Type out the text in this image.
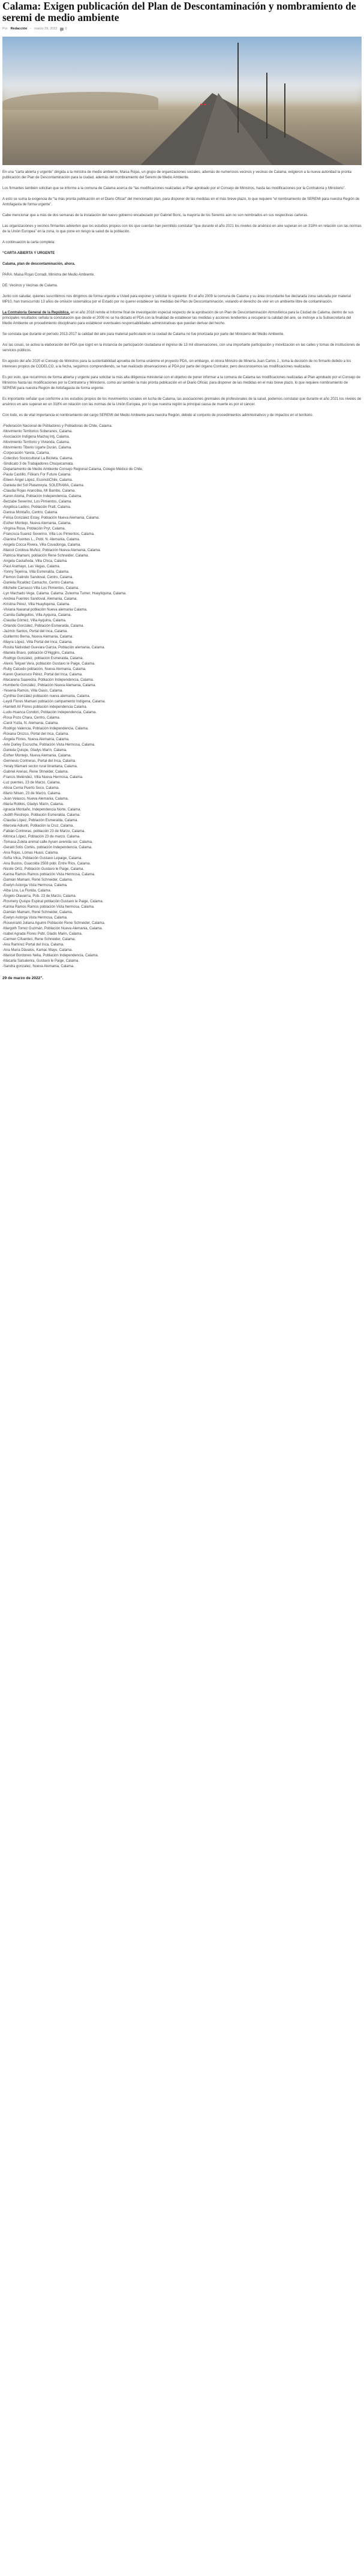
Calama: Exigen publicación del Plan de Descontaminación y nombramiento de seremi de medio ambiente
Por Redacción - marzo 29, 2022 0

En una “carta abierta y urgente” dirigida a la ministra de medio ambiente, Maisa Rojas, un grupo de organizaciones sociales, además de numerosos vecinos y vecinas de Calama, exigieron a la nueva autoridad la pronta publicación del Plan de Descontaminación para la ciudad, además del nombramiento del Seremi de Medio Ambiente.

Los firmantes también solicitan que se informe a la comuna de Calama acerca de “las modificaciones realizadas al Plan aprobado por el Consejo de Ministros, hasta las modificaciones por la Contraloría y Ministerio”.

A esto se suma la exigencia de “la más pronta publicación en el Diario Oficial” del mencionado plan, para disponer de las medidas en el más breve plazo, lo que requiere “el nombramiento de SEREMI para nuestra Región de Antofagasta de forma urgente”.

Cabe mencionar que a más de dos semanas de la instalación del nuevo gobierno encabezado por Gabriel Boric, la mayoría de los Seremis aún no son nombrados en sus respectivas carteras.

Las organizaciones y vecinos firmantes advierten que los estudios propios con los que cuentan han permitido constatar “que durante el año 2021 los niveles de arsénico en aire superan en un 318% en relación con las normas de la Unión Europea” en la zona, lo que pone en riesgo la salud de la población.

A continuación la carta completa:

“CARTA ABIERTA Y URGENTE

Calama, plan de descontaminación, ahora.

PARA: Maisa Rojas Corradi, Ministra del Medio Ambiente.

DE: Vecinos y Vecinas de Calama.

Junto con saludar, quienes suscribimos nos dirigimos de forma urgente a Usted para exponer y solicitar lo siguiente: En el año 2009 la comuna de Calama y su área circundante fue declarada zona saturada por material MP10, han transcurrido 13 años de omisión sistemática por el Estado por no querer establecer las medidas del Plan de Descontaminación, violando el derecho de vivir en un ambiente libre de contaminación.

La Contraloría General de la República, en el año 2018 remite el Informe final de investigación especial respecto de la aprobación de un Plan de Descontaminación Atmosférica para la Ciudad de Calama, dentro de sus principales resultados señala la constatación que desde el 2009 no se ha dictado el PDA con la finalidad de establecer las medidas y acciones tendientes a recuperar la calidad del aire, se instruye a la Subsecretaría del Medio Ambiente un procedimiento disciplinario para establecer eventuales responsabilidades administrativas que puedan derivar del hecho.

Se constata que durante el período 2013-2017 la calidad del aire para material particulado en la ciudad de Calama no fue priorizada por parte del Ministerio del Medio Ambiente.

Así las cosas, se activa la elaboración del PDA que logró en la instancia de participación ciudadana el ingreso de 13 mil observaciones, con una importante participación y movilización en las calles y tomas de instituciones de servicios públicos.

En agosto del año 2020 el Consejo de Ministros para la sustentabilidad aprueba de forma unánime el proyecto PDA, sin embargo, el otrora Ministro de Minería Juan Carlos J., toma la decisión de no firmarlo debido a los intereses propios de CODELCO, a la fecha, seguimos comprendiendo, se han realizado observaciones al PDA por parte del órgano Contralor, pero desconocemos las modificaciones realizadas.

Es por esto, que recurrimos de forma abierta y urgente para solicitar la más alta diligencia ministerial con el objetivo de poner informar a la comuna de Calama las modificaciones realizadas al Plan aprobado por el Consejo de Ministros hasta las modificaciones por la Contraloría y Ministerio, como así también la más pronta publicación en el Diario Oficial, para disponer de las medidas en el más breve plazo, lo que requiere nombramiento de SEREMI para nuestra Región de Antofagasta de forma urgente.

Es importante señalar que conforme a los estudios propios de los movimientos sociales en lucha de Calama, las asociaciones gremiales de profesionales de la salud, podemos constatar que durante el año 2021 los niveles de arsénico en aire superan en un 318% en relación con las normas de la Unión Europea, por lo que nuestra región la principal causa de muerte es por el cáncer.

Con todo, es de vital importancia el nombramiento del cargo SEREMI del Medio Ambiente para nuestra Región, debido al conjunto de procedimientos administrativos y de impactos en el territorio.

-Federación Nacional de Pobladores y Pobladoras de Chile, Calama.
-Movimiento Territorios Soberanos, Calama.
-Asociación Indígena Machaj Intj, Calama.
-Movimiento Territorio y Vivienda, Calama.
-Movimiento Tiberio Ugarte Durán, Calama.
-Corporación Yareta, Calama.
-Colectivo Sociocultural La Bicileta, Calama.
-Sindicato 3 de Trabajadores Chuquicamata.
-Departamento de Medio Ambiente Consejo Regional Calama, Colegio Médico de Chile.
-Paula Castillo, Fiškars For Future Calama.
-Eileen Ángel López, EcoinstiChile, Calama.
-Daniela del Sol Platanreyla, SOLERAMA, Calama.
-Claudia Rojas Arancibia, MI Bambú, Calama.
-Karen Aloma, Población Independencia, Calama.
-Betzabe Severino, Los Pimientos, Calama.
-Angélica Ladino, Población Pratt, Calama.
-Danisa Montaño, Centro, Calama.
-Felisa González Estay, Población Nueva Alemania, Calama.
-Esther Montejo, Nueva Alemania, Calama.
-Virginia Rosa, Población Pryt, Calama.
-Francisca Suarez Severino, Villa Los Pimientos, Calama.
-Gianina Fuentes L., Pobl. N. Alemania, Calama.
-Angela Cocca Rivera, Villa Covadonga, Calama.
-Maicol Cordova Muñoz, Población Nueva Alemania, Calama.
-Patricia Mamani, población Rene Schneider, Calama.
-Angela Castañeda, Villa Chica, Calama.
-Paul Aramayo, Las Vegas, Calama.
-Yonny Tejerina, Villa Esmeralda, Calama.
-Flemon Galindo Sandoval, Centro, Calama.
-Daniela Ricaldez Camacho, Centro Calama.
-Michelle Carrasco Villa Los Pimientos, Calama.
-Lyn Machado Vega, Calama. Calama. Zulevma Turner, Huaytiquina, Calama.
-Andrea Fuentes Sandoval, Alemania, Calama.
-Kristina Pérez, Villa Huaytiquina, Calama.
-Viviana Navanal población Nueva alemania Calama.
-Camila Gallegullos, Villa Ayquina, Calama.
-Claudia Gómez, Villa Ayquina, Calama.
-Orlando González, Población Esmeralda, Calama.
-Jazmín Santos, Portal del Inca, Calama.
-Guillermo Berna, Nueva Alemania, Calama.
-Mayra López, Villa Portal del Inca, Calama.
-Rosita Natividad Guevara Garcia, Población alemania, Calama.
-Mariela Bravo, población O'Higgins, Calama.
-Rodrigo González, población Esmeralda, Calama.
-Alexis Telguel Vera, población Gustavo le Paige, Calama.
-Ruby Calcedo población, Nueva Alemania, Calama.
-Karen Quesuruco Pérez, Portal del Inca, Calama.
-Macarena Saavedra, Población Independencia, Calama.
-Humberto González, Población Nueva Alemania, Calama.
-Yesenia Ramos, Villa Oasis, Calama.
-Cynthia González población nueva alemania, Calama.
-Leydi Flores Mamani población campamento Indígena, Calama.
-Hamlett Alí Flores población independencia Calama.
-Ludo-Huanca Condori, Población Independencia, Calama.
-Rosa Pozo Chara, Centro, Calama.
-Carol Yuzla, N. Alemania, Calama.
-Rodrigo Valencia, Población Independencia, Calama.
-Roxana Orozco, Portal del Inca, Calama.
-Ángela Flores, Nueva Alemania, Calama.
-Arle Durley Escrucha, Población Vista Hermosa, Calama.
-Daniela Quispe, Gladys Marín, Calama.
-Esther Montejo, Nueva Alemania, Calama.
-Gennesis Contreras, Portal del Inca, Calama.
-Yeraly Mamani sector rural Ikrantana, Calama.
-Gabriel Arenas, Rene Shneider, Calama.
-Francis Meléndez, Villa Nueva Hermosa, Calama.
-Luz puentes, 23 de Marzo, Calama.
-Alicia Cerna Puerto Seco, Calama.
-Mario Nilsen, 23 de Marzo, Calama.
-Juan Velasco, Nueva Alemania, Calama.
-María Robles, Gladys Marín, Calama.
-Ignacia Montaño, Independencia Norte, Calama.
-Judith Restrepo, Población Esmeralda, Calama.
-Claudia López, Población Esmeralda, Calama.
-Marcela Adiunti, Población la Cruz, Calama.
-Fabián Contreras, población 23 de Marzo, Calama.
-Mónica López, Población 23 de marzo, Calama.
-Tomasa Zuleta animal calle Aysen avenida sur, Calama.
-Gerald Solis Cortés, población Independencia, Calama.
-Ana Rojas, Lomas Huasi, Calama.
-Sofía Vilca, Población Gustavo Lepaige, Calama.
-Ana Bustos, Guacolda 2508 pobl. Entre Ríos, Calama.
-Nicole Ortíz, Población Gustavo le Paige, Calama.
-Karina Ramos Ramos población Vista Hermosa, Calama.
-Damián Mamani, René Schneider, Calama.
-Evelyn Astorga Vista Hermosa, Calama.
-Alba Lira, La Florida, Calama.
-Ángelo Olavarría, Pob. 23 de Marzo, Calama.
-Rosmery Quispe Espinal población Gustavo le Paige, Calama.
-Karina Ramos Ramos población Vista hermosa, Calama.
-Damián Mamani, René Schneider, Calama.
-Evelyn Astorga Vista Hermosa, Calama.
-Roseviranti Juliana Aguirre Población Rene Schneider, Calama.
-Margoth Torrez Guzmán, Población Nueva Alemania, Calama.
-Isabel Agrada Flores Pobl. Gladis Marin, Calama.
-Carmen Cifuentes, Rene Schneider, Calama.
-Ana Ramírez Portal del Inca, Calama.
-Ana María Dávalos, Kamac Mayu, Calama.
-Maricel Bordones Nelia, Población Independencia, Calama.
-Macarla Salsalenra, Gustavo le Paige, Calama.
-Sandra gonzalez, Nueva Alemania, Calama.

29 de marzo de 2022”.
